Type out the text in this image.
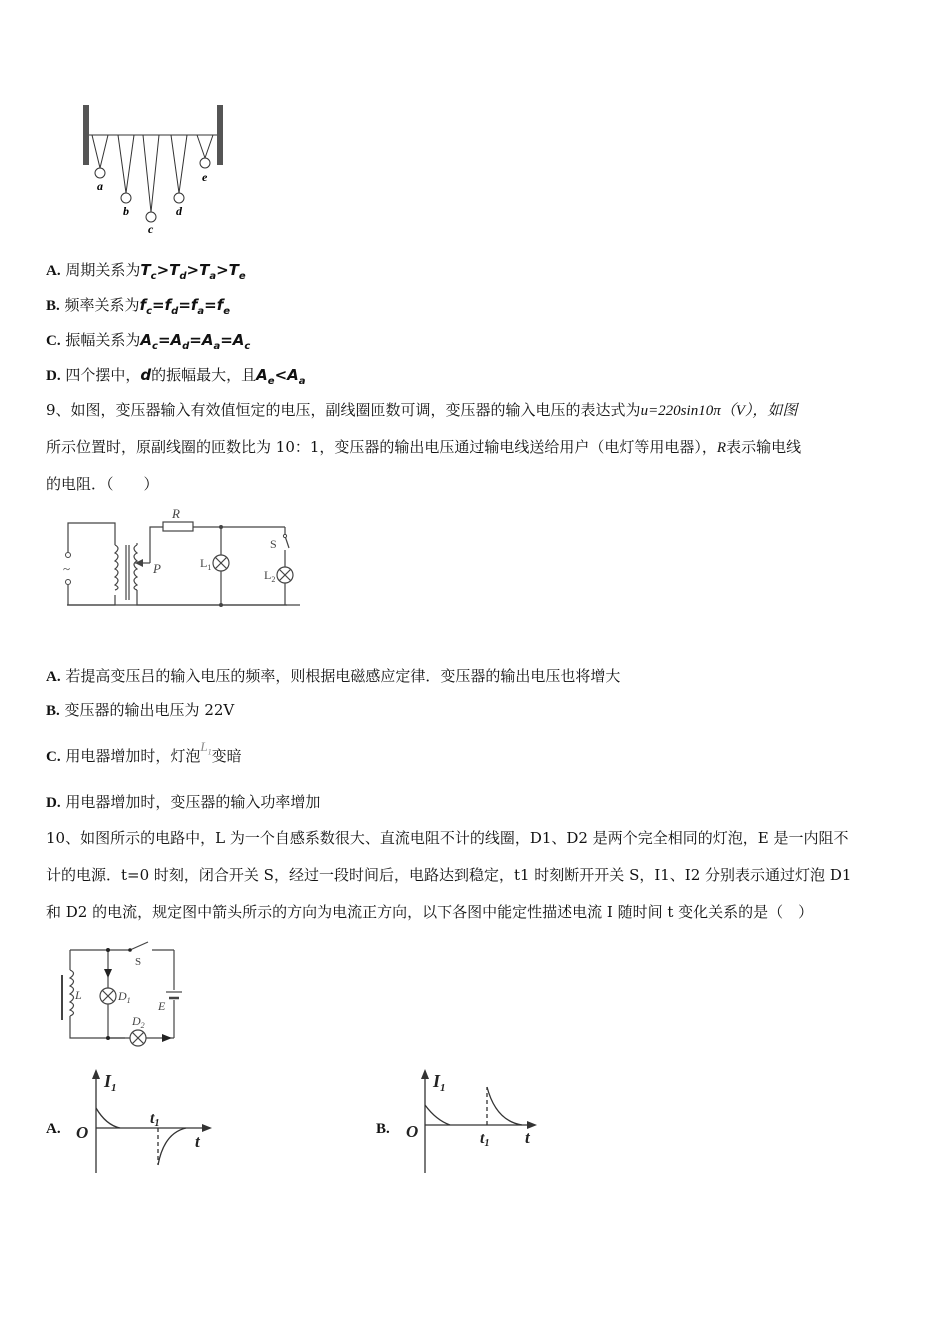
a
b
c
d
e
A. 周期关系为$T_c>T_d>T_a>T_e$
B. 频率关系为$f_c=f_d=f_a=f_e$
C. 振幅关系为$A_c=A_d=A_a=A_c$
D. 四个摆中，d的振幅最大，且$A_e<A_a$
9、如图，变压器输入有效值恒定的电压，副线圈匝数可调，变压器的输入电压的表达式为u=220sin10π（V），如图
所示位置时，原副线圈的匝数比为 10：1，变压器的输出电压通过输电线送给用户（电灯等用电器），R表示输电线
的电阻．（　　）
~
R
P	$L_1$
$L_2$
S
A. 若提高变压吕的输入电压的频率，则根据电磁感应定律．变压器的输出电压也将增大
B. 变压器的输出电压为 22V
C. 用电器增加时，灯泡$L_1$变暗
D. 用电器增加时，变压器的输入功率增加
10、如图所示的电路中，L 为一个自感系数很大、直流电阻不计的线圈，D1、D2 是两个完全相同的灯泡，E 是一内阻不
计的电源．t=0 时刻，闭合开关 S，经过一段时间后，电路达到稳定，t1 时刻断开开关 S，I1、I2 分别表示通过灯泡 D1
和 D2 的电流，规定图中箭头所示的方向为电流正方向，以下各图中能定性描述电流 I 随时间 t 变化关系的是（　）
L	$D_1$
$D_2$
S
E
A.
$I_1$
O
t1
t
B.
$I_1$
O	t1 t
